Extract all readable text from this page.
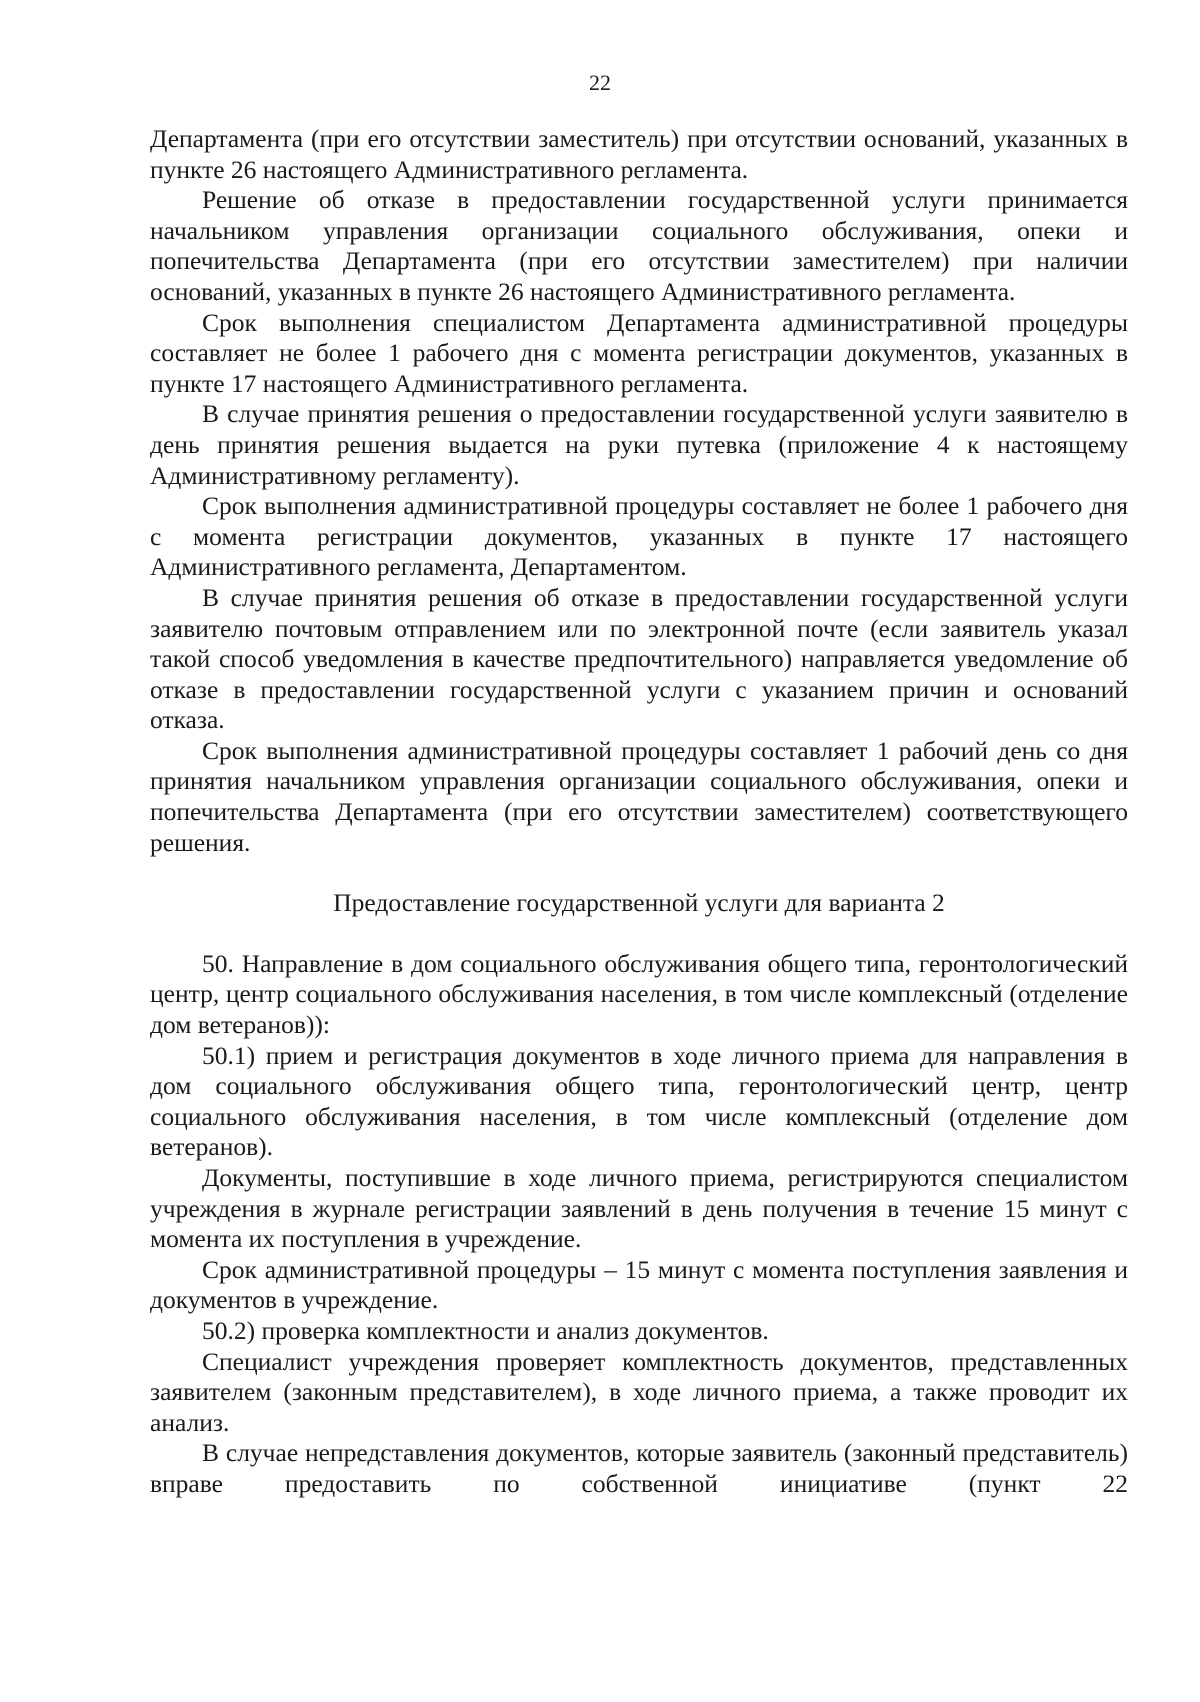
22

Департамента (при его отсутствии заместитель) при отсутствии оснований, указанных в пункте 26 настоящего Административного регламента.

Решение об отказе в предоставлении государственной услуги принимается начальником управления организации социального обслуживания, опеки и попечительства Департамента (при его отсутствии заместителем) при наличии оснований, указанных в пункте 26 настоящего Административного регламента.

Срок выполнения специалистом Департамента административной процедуры составляет не более 1 рабочего дня с момента регистрации документов, указанных в пункте 17 настоящего Административного регламента.

В случае принятия решения о предоставлении государственной услуги заявителю в день принятия решения выдается на руки путевка (приложение 4 к настоящему Административному регламенту).

Срок выполнения административной процедуры составляет не более 1 рабочего дня с момента регистрации документов, указанных в пункте 17 настоящего Административного регламента, Департаментом.

В случае принятия решения об отказе в предоставлении государственной услуги заявителю почтовым отправлением или по электронной почте (если заявитель указал такой способ уведомления в качестве предпочтительного) направляется уведомление об отказе в предоставлении государственной услуги с указанием причин и оснований отказа.

Срок выполнения административной процедуры составляет 1 рабочий день со дня принятия начальником управления организации социального обслуживания, опеки и попечительства Департамента (при его отсутствии заместителем) соответствующего решения.

Предоставление государственной услуги для варианта 2

50. Направление в дом социального обслуживания общего типа, геронтологический центр, центр социального обслуживания населения, в том числе комплексный (отделение дом ветеранов)):

50.1) прием и регистрация документов в ходе личного приема для направления в дом социального обслуживания общего типа, геронтологический центр, центр социального обслуживания населения, в том числе комплексный (отделение дом ветеранов).

Документы, поступившие в ходе личного приема, регистрируются специалистом учреждения в журнале регистрации заявлений в день получения в течение 15 минут с момента их поступления в учреждение.

Срок административной процедуры – 15 минут с момента поступления заявления и документов в учреждение.

50.2) проверка комплектности и анализ документов.

Специалист учреждения проверяет комплектность документов, представленных заявителем (законным представителем), в ходе личного приема, а также проводит их анализ.

В случае непредставления документов, которые заявитель (законный представитель) вправе предоставить по собственной инициативе (пункт 22
